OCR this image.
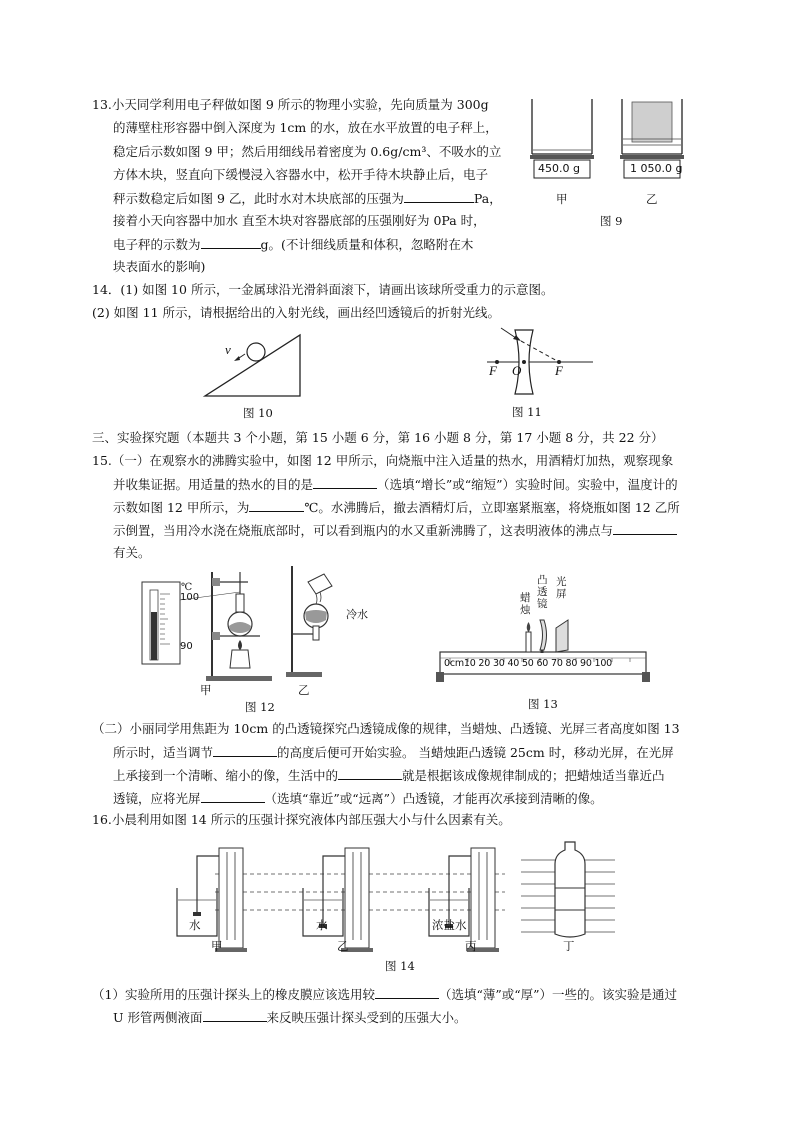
13.小天同学利用电子秤做如图 9 所示的物理小实验，先向质量为 300g
的薄壁柱形容器中倒入深度为 1cm 的水，放在水平放置的电子秤上，
稳定后示数如图 9 甲；然后用细线吊着密度为 0.6g/cm³、不吸水的立
方体木块，竖直向下缓慢浸入容器水中，松开手待木块静止后，电子
秤示数稳定后如图 9 乙，此时水对木块底部的压强为	Pa，
接着小天向容器中加水 直至木块对容器底部的压强刚好为 0Pa 时，
电子秤的示数为	g。(不计细线质量和体积，忽略附在木
块表面水的影响)
450.0 g	1 050.0 g
甲	乙
图 9
14．(1) 如图 10 所示，一金属球沿光滑斜面滚下，请画出该球所受重力的示意图。
(2) 如图 11 所示，请根据给出的入射光线，画出经凹透镜后的折射光线。
v
图 10
F O	F
图 11
三、实验探究题（本题共 3 个小题，第 15 小题 6 分，第 16 小题 8 分，第 17 小题 8 分，共 22 分）
15.（一）在观察水的沸腾实验中，如图 12 甲所示，向烧瓶中注入适量的热水，用酒精灯加热，观察现象
并收集证据。用适量的热水的目的是	（选填“增长”或“缩短”）实验时间。实验中，温度计的
示数如图 12 甲所示，为	℃。水沸腾后，撤去酒精灯后，立即塞紧瓶塞，将烧瓶如图 12 乙所
示倒置，当用冷水浇在烧瓶底部时，可以看到瓶内的水又重新沸腾了，这表明液体的沸点与
有关。
℃
100
90
冷水
甲	乙
图 12
蜡烛
凸透镜
光屏
0cm10 20 30 40 50 60 70 80 90 100
图 13
（二）小丽同学用焦距为 10cm 的凸透镜探究凸透镜成像的规律，当蜡烛、凸透镜、光屏三者高度如图 13
所示时，适当调节	的高度后便可开始实验。 当蜡烛距凸透镜 25cm 时，移动光屏，在光屏
上承接到一个清晰、缩小的像，生活中的	就是根据该成像规律制成的；把蜡烛适当靠近凸
透镜，应将光屏	（选填“靠近”或“远离”）凸透镜，才能再次承接到清晰的像。
16.小晨利用如图 14 所示的压强计探究液体内部压强大小与什么因素有关。
水	水	浓盐水
甲	乙	丙	丁
图 14
（1）实验所用的压强计探头上的橡皮膜应该选用较	（选填“薄”或“厚”）一些的。该实验是通过
U 形管两侧液面	来反映压强计探头受到的压强大小。
